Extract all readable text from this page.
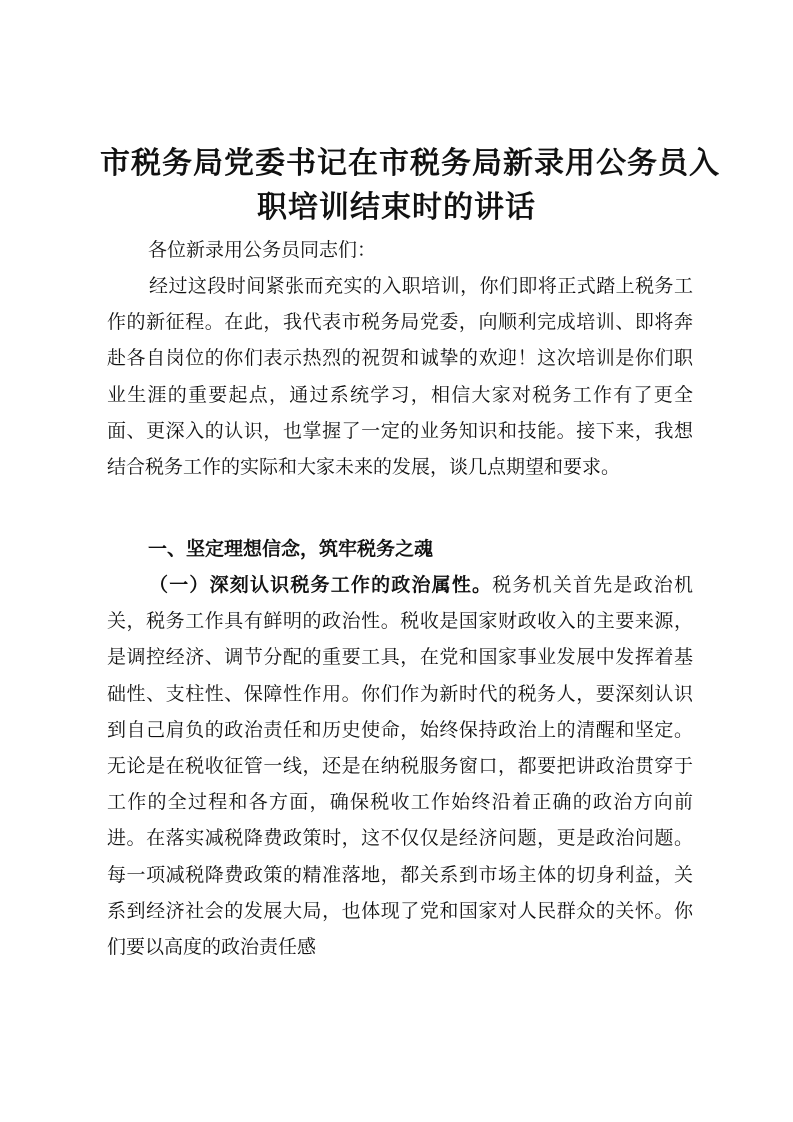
市税务局党委书记在市税务局新录用公务员入
职培训结束时的讲话

各位新录用公务员同志们：

经过这段时间紧张而充实的入职培训，你们即将正式踏上税务工作的新征程。在此，我代表市税务局党委，向顺利完成培训、即将奔赴各自岗位的你们表示热烈的祝贺和诚挚的欢迎！这次培训是你们职业生涯的重要起点，通过系统学习，相信大家对税务工作有了更全面、更深入的认识，也掌握了一定的业务知识和技能。接下来，我想结合税务工作的实际和大家未来的发展，谈几点期望和要求。

一、坚定理想信念，筑牢税务之魂

（一）深刻认识税务工作的政治属性。税务机关首先是政治机关，税务工作具有鲜明的政治性。税收是国家财政收入的主要来源，是调控经济、调节分配的重要工具，在党和国家事业发展中发挥着基础性、支柱性、保障性作用。你们作为新时代的税务人，要深刻认识到自己肩负的政治责任和历史使命，始终保持政治上的清醒和坚定。无论是在税收征管一线，还是在纳税服务窗口，都要把讲政治贯穿于工作的全过程和各方面，确保税收工作始终沿着正确的政治方向前进。在落实减税降费政策时，这不仅仅是经济问题，更是政治问题。每一项减税降费政策的精准落地，都关系到市场主体的切身利益，关系到经济社会的发展大局，也体现了党和国家对人民群众的关怀。你们要以高度的政治责任感
